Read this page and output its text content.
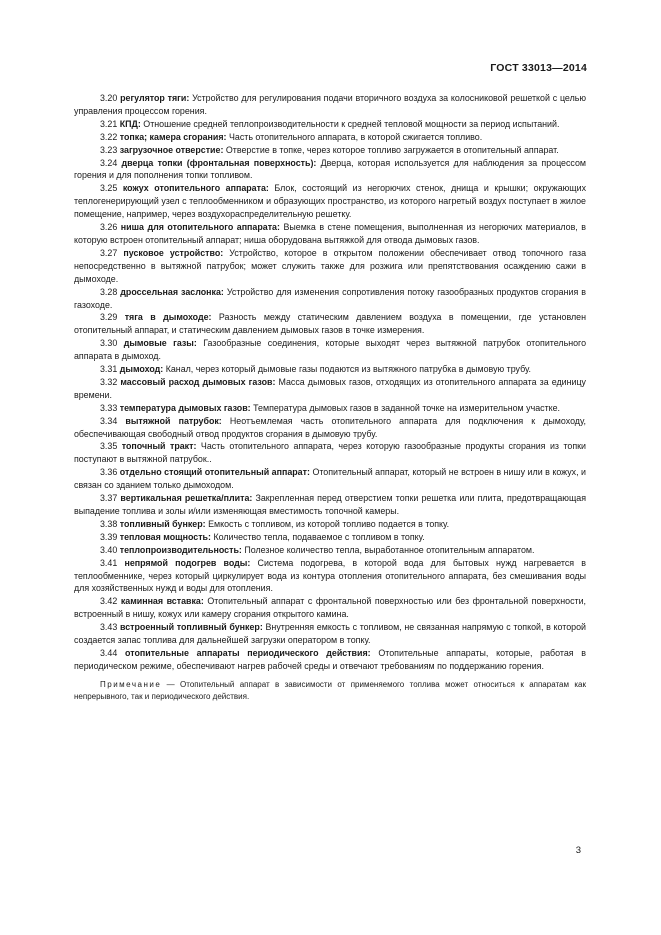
ГОСТ 33013—2014

3.20 регулятор тяги: Устройство для регулирования подачи вторичного воздуха за колосниковой решеткой с целью управления процессом горения.

3.21 КПД: Отношение средней теплопроизводительности к средней тепловой мощности за период испытаний.

3.22 топка; камера сгорания: Часть отопительного аппарата, в которой сжигается топливо.

3.23 загрузочное отверстие: Отверстие в топке, через которое топливо загружается в отопительный аппарат.

3.24 дверца топки (фронтальная поверхность): Дверца, которая используется для наблюдения за процессом горения и для пополнения топки топливом.

3.25 кожух отопительного аппарата: Блок, состоящий из негорючих стенок, днища и крышки; окружающих теплогенерирующий узел с теплообменником и образующих пространство, из которого нагретый воздух поступает в жилое помещение, например, через воздухораспределительную решетку.

3.26 ниша для отопительного аппарата: Выемка в стене помещения, выполненная из негорючих материалов, в которую встроен отопительный аппарат; ниша оборудована вытяжкой для отвода дымовых газов.

3.27 пусковое устройство: Устройство, которое в открытом положении обеспечивает отвод топочного газа непосредственно в вытяжной патрубок; может служить также для розжига или препятствования осаждению сажи в дымоходе.

3.28 дроссельная заслонка: Устройство для изменения сопротивления потоку газообразных продуктов сгорания в газоходе.

3.29 тяга в дымоходе: Разность между статическим давлением воздуха в помещении, где установлен отопительный аппарат, и статическим давлением дымовых газов в точке измерения.

3.30 дымовые газы: Газообразные соединения, которые выходят через вытяжной патрубок отопительного аппарата в дымоход.

3.31 дымоход: Канал, через который дымовые газы подаются из вытяжного патрубка в дымовую трубу.

3.32 массовый расход дымовых газов: Масса дымовых газов, отходящих из отопительного аппарата за единицу времени.

3.33 температура дымовых газов: Температура дымовых газов в заданной точке на измерительном участке.

3.34 вытяжной патрубок: Неотъемлемая часть отопительного аппарата для подключения к дымоходу, обеспечивающая свободный отвод продуктов сгорания в дымовую трубу.

3.35 топочный тракт: Часть отопительного аппарата, через которую газообразные продукты сгорания из топки поступают в вытяжной патрубок..

3.36 отдельно стоящий отопительный аппарат: Отопительный аппарат, который не встроен в нишу или в кожух, и связан со зданием только дымоходом.

3.37 вертикальная решетка/плита: Закрепленная перед отверстием топки решетка или плита, предотвращающая выпадение топлива и золы и/или изменяющая вместимость топочной камеры.

3.38 топливный бункер: Емкость с топливом, из которой топливо подается в топку.

3.39 тепловая мощность: Количество тепла, подаваемое с топливом в топку.

3.40 теплопроизводительность: Полезное количество тепла, выработанное отопительным аппаратом.

3.41 непрямой подогрев воды: Система подогрева, в которой вода для бытовых нужд нагревается в теплообменнике, через который циркулирует вода из контура отопления отопительного аппарата, без смешивания воды для хозяйственных нужд и воды для отопления.

3.42 каминная вставка: Отопительный аппарат с фронтальной поверхностью или без фронтальной поверхности, встроенный в нишу, кожух или камеру сгорания открытого камина.

3.43 встроенный топливный бункер: Внутренняя емкость с топливом, не связанная напрямую с топкой, в которой создается запас топлива для дальнейшей загрузки оператором в топку.

3.44 отопительные аппараты периодического действия: Отопительные аппараты, которые, работая в периодическом режиме, обеспечивают нагрев рабочей среды и отвечают требованиям по поддержанию горения.

Примечание — Отопительный аппарат в зависимости от применяемого топлива может относиться к аппаратам как непрерывного, так и периодического действия.

3
